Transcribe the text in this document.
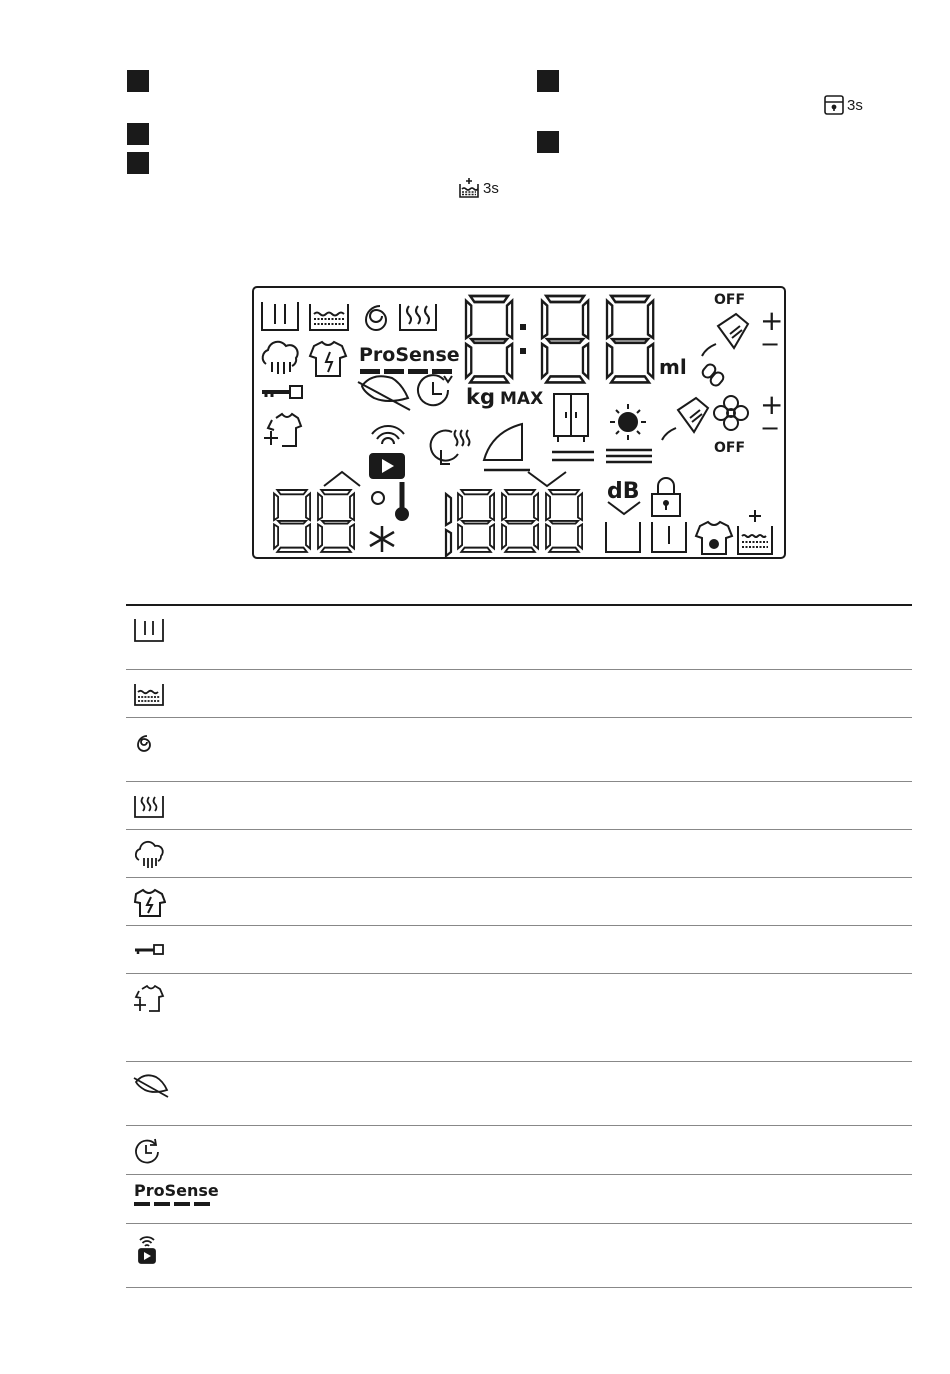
3s
3s
ProSense	ml
kg MAX
OFF
OFF
+
−
+
−
dB
ProSense
